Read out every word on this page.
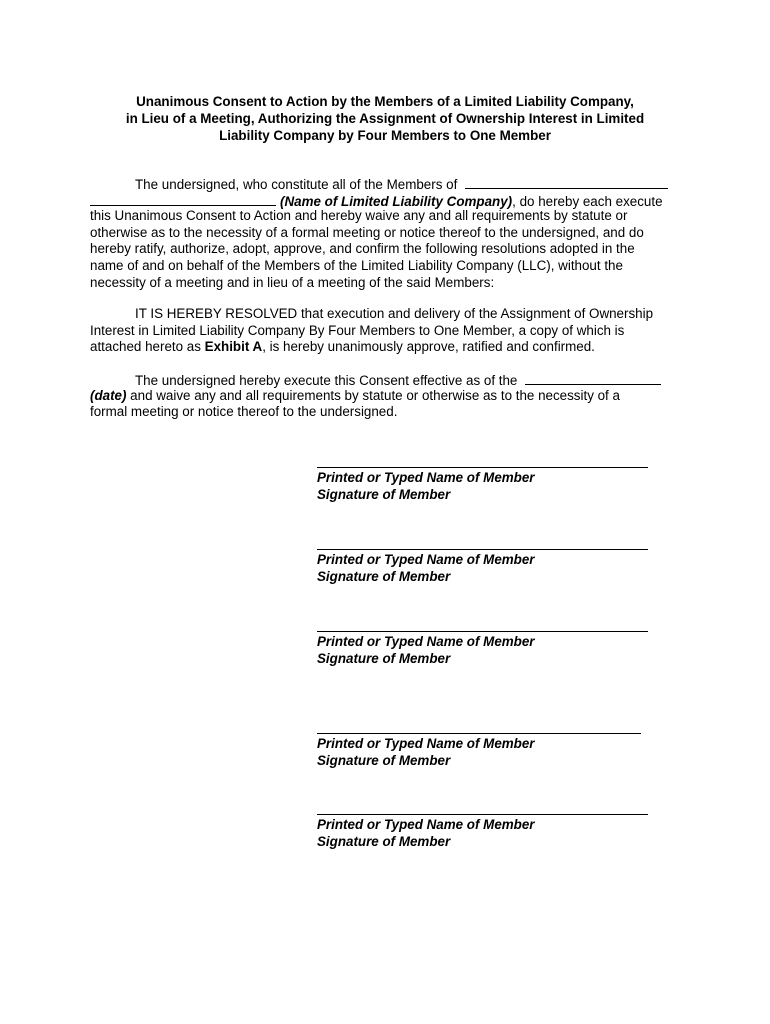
Unanimous Consent to Action by the Members of a Limited Liability Company,
in Lieu of a Meeting, Authorizing the Assignment of Ownership Interest in Limited
Liability Company by Four Members to One Member
The undersigned, who constitute all of the Members of
(Name of Limited Liability Company), do hereby each execute
this Unanimous Consent to Action and hereby waive any and all requirements by statute or
otherwise as to the necessity of a formal meeting or notice thereof to the undersigned, and do
hereby ratify, authorize, adopt, approve, and confirm the following resolutions adopted in the
name of and on behalf of the Members of the Limited Liability Company (LLC), without the
necessity of a meeting and in lieu of a meeting of the said Members:
IT IS HEREBY RESOLVED that execution and delivery of the Assignment of Ownership
Interest in Limited Liability Company By Four Members to One Member, a copy of which is
attached hereto as Exhibit A, is hereby unanimously approve, ratified and confirmed.
The undersigned hereby execute this Consent effective as of the
(date) and waive any and all requirements by statute or otherwise as to the necessity of a
formal meeting or notice thereof to the undersigned.
Printed or Typed Name of Member
Signature of Member
Printed or Typed Name of Member
Signature of Member
Printed or Typed Name of Member
Signature of Member
Printed or Typed Name of Member
Signature of Member
Printed or Typed Name of Member
Signature of Member
